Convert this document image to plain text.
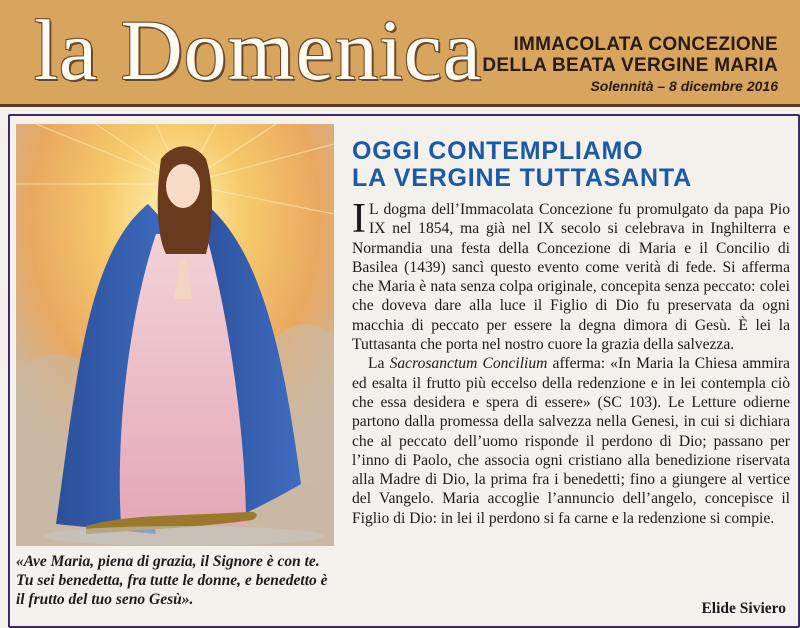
la Domenica	IMMACOLATA CONCEZIONE
DELLA BEATA VERGINE MARIA
Solennità – 8 dicembre 2016
«Ave Maria, piena di grazia, il Signore è con te. Tu sei benedetta, fra tutte le donne, e benedetto è il frutto del tuo seno Gesù».
OGGI CONTEMPLIAMO
LA VERGINE TUTTASANTA

I L dogma dell’Immacolata Concezione fu promulgato da papa Pio IX nel 1854, ma già nel IX secolo si celebrava in Inghilterra e Normandia una festa della Concezione di Maria e il Concilio di Basilea (1439) sancì questo evento come verità di fede. Si afferma che Maria è nata senza colpa originale, concepita senza peccato: colei che doveva dare alla luce il Figlio di Dio fu preservata da ogni macchia di peccato per essere la degna dimora di Gesù. È lei la Tuttasanta che porta nel nostro cuore la grazia della salvezza.

La Sacrosanctum Concilium afferma: «In Maria la Chiesa ammira ed esalta il frutto più eccelso della redenzione e in lei contempla ciò che essa desidera e spera di essere» (SC 103). Le Letture odierne partono dalla promessa della salvezza nella Genesi, in cui si dichiara che al peccato dell’uomo risponde il perdono di Dio; passano per l’inno di Paolo, che associa ogni cristiano alla benedizione riservata alla Madre di Dio, la prima fra i benedetti; fino a giungere al vertice del Vangelo. Maria accoglie l’annuncio dell’angelo, concepisce il Figlio di Dio: in lei il perdono si fa carne e la redenzione si compie.

Elide Siviero
